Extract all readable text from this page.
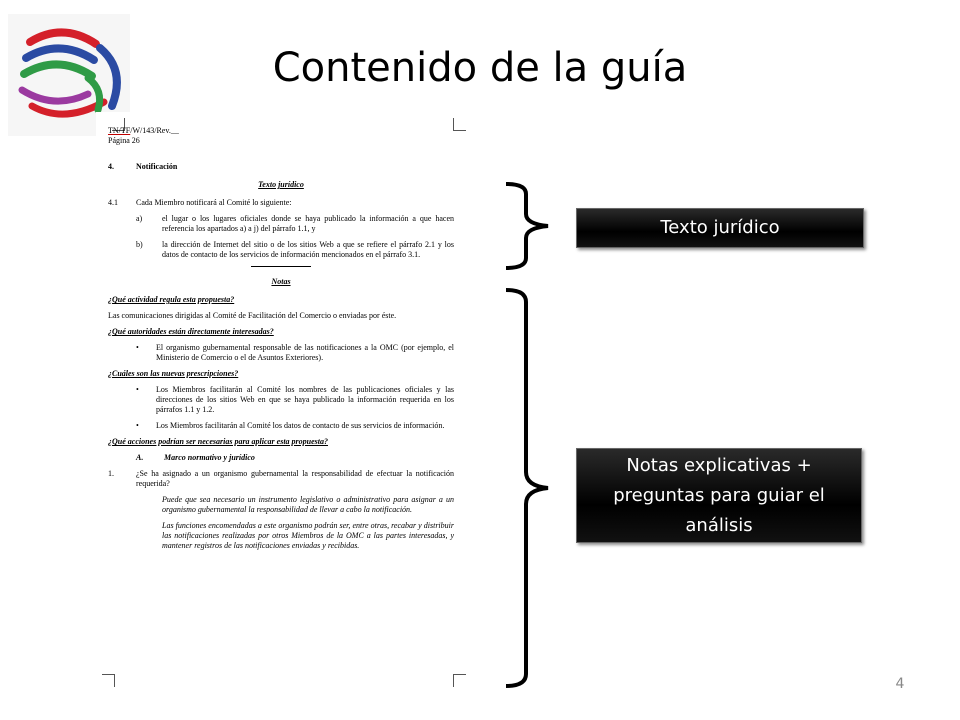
Contenido de la guía
TN/TF/W/143/Rev.__
Página 26
4.	Notificación
Texto jurídico
4.1	Cada Miembro notificará al Comité lo siguiente:
a)	el lugar o los lugares oficiales donde se haya publicado la información a que hacen referencia los apartados a) a j) del párrafo 1.1, y
b)	la dirección de Internet del sitio o de los sitios Web a que se refiere el párrafo 2.1 y los datos de contacto de los servicios de información mencionados en el párrafo 3.1.
Notas
¿Qué actividad regula esta propuesta?
Las comunicaciones dirigidas al Comité de Facilitación del Comercio o enviadas por éste.
¿Qué autoridades están directamente interesadas?
•	El organismo gubernamental responsable de las notificaciones a la OMC (por ejemplo, el Ministerio de Comercio o el de Asuntos Exteriores).
¿Cuáles son las nuevas prescripciones?
•	Los Miembros facilitarán al Comité los nombres de las publicaciones oficiales y las direcciones de los sitios Web en que se haya publicado la información requerida en los párrafos 1.1 y 1.2.
•	Los Miembros facilitarán al Comité los datos de contacto de sus servicios de información.
¿Qué acciones podrían ser necesarias para aplicar esta propuesta?
A.	Marco normativo y jurídico
1.	¿Se ha asignado a un organismo gubernamental la responsabilidad de efectuar la notificación requerida?
Puede que sea necesario un instrumento legislativo o administrativo para asignar a un organismo gubernamental la responsabilidad de llevar a cabo la notificación.
Las funciones encomendadas a este organismo podrán ser, entre otras, recabar y distribuir las notificaciones realizadas por otros Miembros de la OMC a las partes interesadas, y mantener registros de las notificaciones enviadas y recibidas.
Texto jurídico
Notas explicativas + preguntas para guiar el análisis
4
